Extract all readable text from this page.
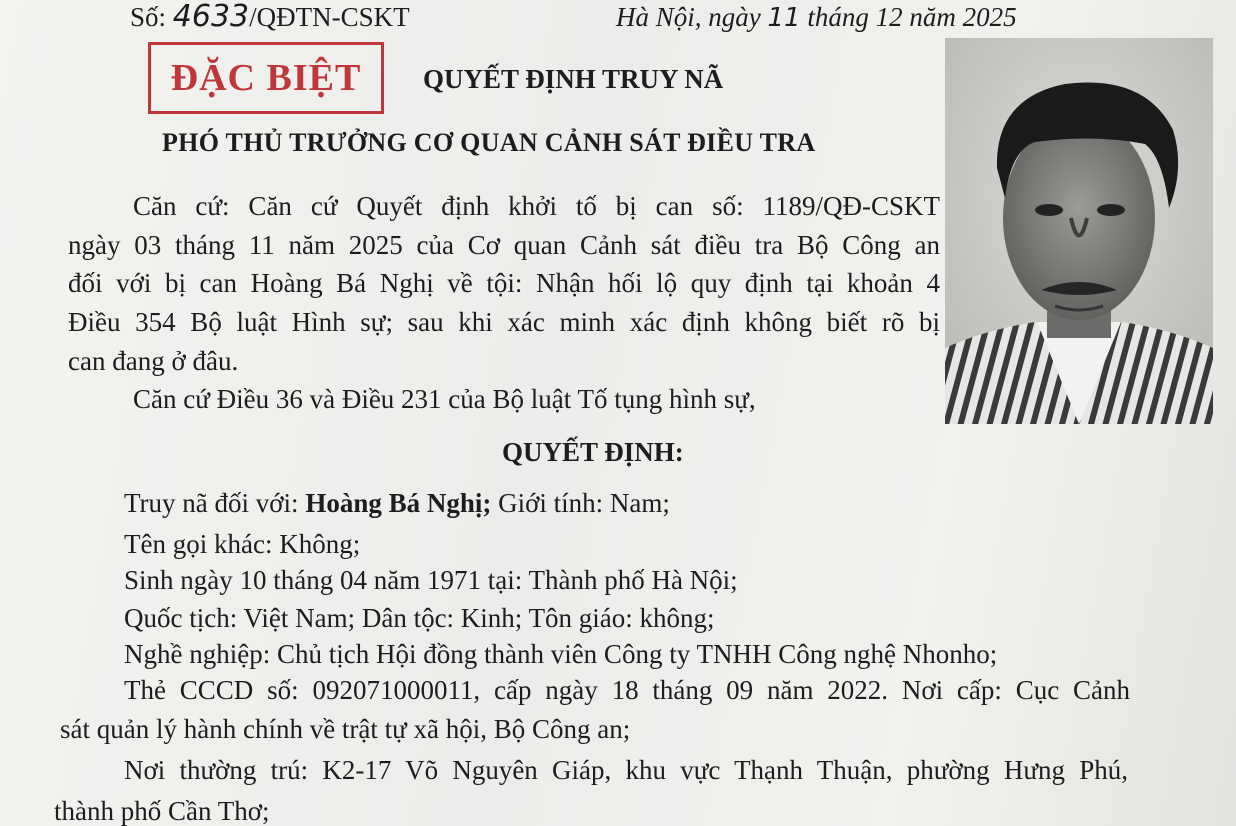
Số: 4633/QĐTN-CSKT	Hà Nội, ngày 11 tháng 12 năm 2025
ĐẶC BIỆT	QUYẾT ĐỊNH TRUY NÃ
PHÓ THỦ TRƯỞNG CƠ QUAN CẢNH SÁT ĐIỀU TRA
Căn cứ: Căn cứ Quyết định khởi tố bị can số: 1189/QĐ-CSKT
ngày 03 tháng 11 năm 2025 của Cơ quan Cảnh sát điều tra Bộ Công an
đối với bị can Hoàng Bá Nghị về tội: Nhận hối lộ quy định tại khoản 4
Điều 354 Bộ luật Hình sự; sau khi xác minh xác định không biết rõ bị
can đang ở đâu.
Căn cứ Điều 36 và Điều 231 của Bộ luật Tố tụng hình sự,
QUYẾT ĐỊNH:
Truy nã đối với: Hoàng Bá Nghị; Giới tính: Nam;
Tên gọi khác: Không;
Sinh ngày 10 tháng 04 năm 1971 tại: Thành phố Hà Nội;
Quốc tịch: Việt Nam; Dân tộc: Kinh; Tôn giáo: không;
Nghề nghiệp: Chủ tịch Hội đồng thành viên Công ty TNHH Công nghệ Nhonho;
Thẻ CCCD số: 092071000011, cấp ngày 18 tháng 09 năm 2022. Nơi cấp: Cục Cảnh
sát quản lý hành chính về trật tự xã hội, Bộ Công an;
Nơi thường trú: K2-17 Võ Nguyên Giáp, khu vực Thạnh Thuận, phường Hưng Phú,
thành phố Cần Thơ;
